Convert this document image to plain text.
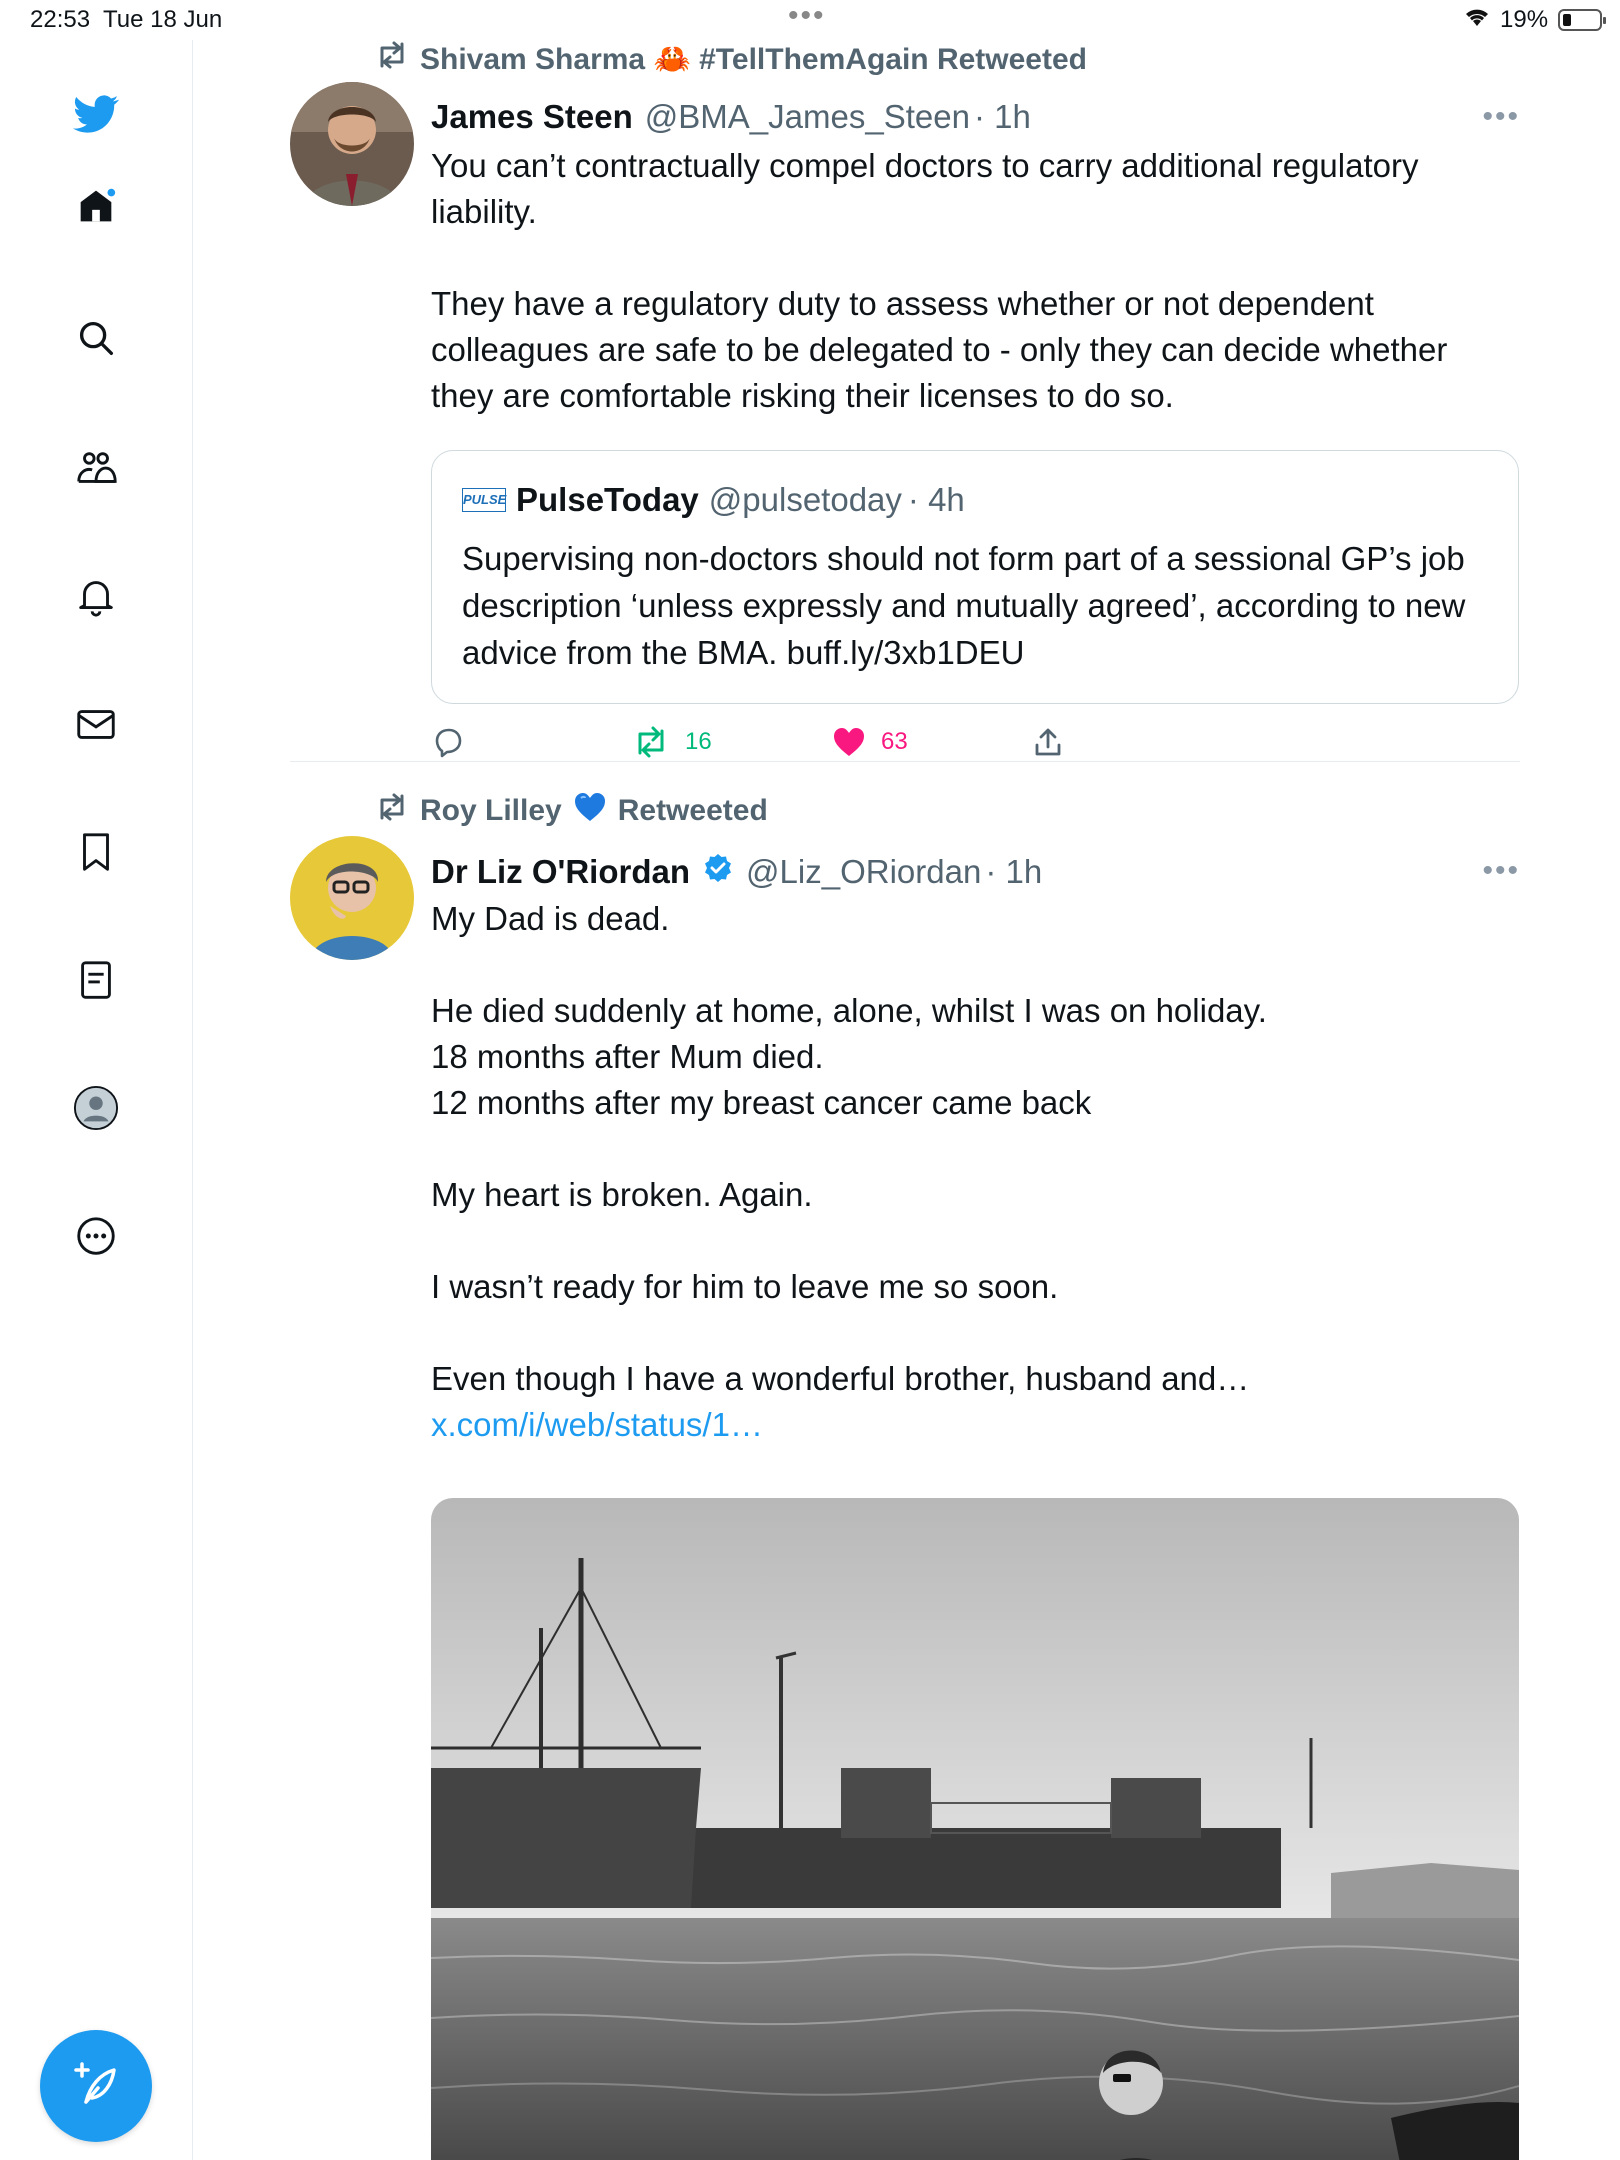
22:53 Tue 18 Jun	•••	19%
Shivam Sharma 🦀 #TellThemAgain Retweeted
James Steen @BMA_James_Steen · 1h	•••
You can’t contractually compel doctors to carry additional regulatory liability.

They have a regulatory duty to assess whether or not dependent colleagues are safe to be delegated to - only they can decide whether they are comfortable risking their licenses to do so.
PULSE PulseToday @pulsetoday · 4h
Supervising non-doctors should not form part of a sessional GP’s job description ‘unless expressly and mutually agreed’, according to new advice from the BMA. buff.ly/3xb1DEU
16	63
Roy Lilley Retweeted
Dr Liz O'Riordan @Liz_ORiordan · 1h	•••
My Dad is dead.

He died suddenly at home, alone, whilst I was on holiday.
18 months after Mum died.
12 months after my breast cancer came back

My heart is broken. Again.

I wasn’t ready for him to leave me so soon.

Even though I have a wonderful brother, husband and… x.com/i/web/status/1…
